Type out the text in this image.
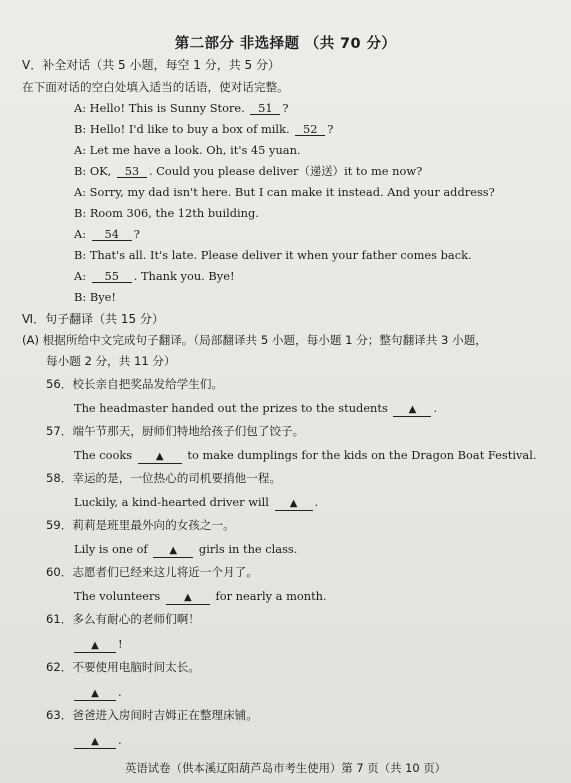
第二部分 非选择题 （共 70 分）
V．补全对话（共 5 小题，每空 1 分，共 5 分）
在下面对话的空白处填入适当的话语，使对话完整。
A: Hello! This is Sunny Store. 51 ?
B: Hello! I'd like to buy a box of milk. 52 ?
A: Let me have a look. Oh, it's 45 yuan.
B: OK, 53 . Could you please deliver（递送）it to me now?
A: Sorry, my dad isn't here. But I can make it instead. And your address?
B: Room 306, the 12th building.
A: 54 ?
B: That's all. It's late. Please deliver it when your father comes back.
A: 55 . Thank you. Bye!
B: Bye!
Ⅵ．句子翻译（共 15 分）
(A) 根据所给中文完成句子翻译。（局部翻译共 5 小题，每小题 1 分；整句翻译共 3 小题，
每小题 2 分，共 11 分）
56．校长亲自把奖品发给学生们。
The headmaster handed out the prizes to the students ▲ .
57．端午节那天，厨师们特地给孩子们包了饺子。
The cooks ▲ to make dumplings for the kids on the Dragon Boat Festival.
58．幸运的是，一位热心的司机要捎他一程。
Luckily, a kind-hearted driver will ▲ .
59．莉莉是班里最外向的女孩之一。
Lily is one of ▲ girls in the class.
60．志愿者们已经来这儿将近一个月了。
The volunteers ▲ for nearly a month.
61．多么有耐心的老师们啊！
▲ !
62．不要使用电脑时间太长。
▲ .
63．爸爸进入房间时吉姆正在整理床铺。
▲ .
英语试卷（供本溪辽阳葫芦岛市考生使用）第 7 页（共 10 页）
